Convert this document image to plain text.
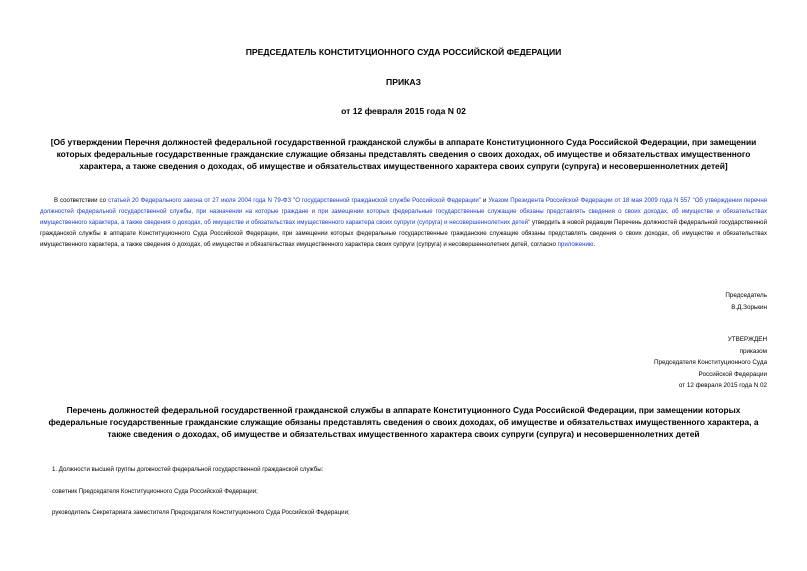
ПРЕДСЕДАТЕЛЬ КОНСТИТУЦИОННОГО СУДА РОССИЙСКОЙ ФЕДЕРАЦИИ
ПРИКАЗ
от 12 февраля 2015 года N 02
[Об утверждении Перечня должностей федеральной государственной гражданской службы в аппарате Конституционного Суда Российской Федерации, при замещении которых федеральные государственные гражданские служащие обязаны представлять сведения о своих доходах, об имуществе и обязательствах имущественного характера, а также сведения о доходах, об имуществе и обязательствах имущественного характера своих супруги (супруга) и несовершеннолетних детей]
В соответствии со статьей 20 Федерального закона от 27 июля 2004 года N 79-ФЗ "О государственной гражданской службе Российской Федерации" и Указом Президента Российской Федерации от 18 мая 2009 года N 557 "Об утверждении перечня должностей федеральной государственной службы, при назначении на которые граждане и при замещении которых федеральные государственные служащие обязаны представлять сведения о своих доходах, об имуществе и обязательствах имущественного характера, а также сведения о доходах, об имуществе и обязательствах имущественного характера своих супруги (супруга) и несовершеннолетних детей" утвердить в новой редакции Перечень должностей федеральной государственной гражданской службы в аппарате Конституционного Суда Российской Федерации, при замещении которых федеральные государственные гражданские служащие обязаны представлять сведения о своих доходах, об имуществе и обязательствах имущественного характера, а также сведения о доходах, об имуществе и обязательствах имущественного характера своих супруги (супруга) и несовершеннолетних детей, согласно приложению.
Председатель
В.Д.Зорькин
УТВЕРЖДЕН
приказом
Председателя Конституционного Суда
Российской Федерации
от 12 февраля 2015 года N 02
Перечень должностей федеральной государственной гражданской службы в аппарате Конституционного Суда Российской Федерации, при замещении которых федеральные государственные гражданские служащие обязаны представлять сведения о своих доходах, об имуществе и обязательствах имущественного характера, а также сведения о доходах, об имуществе и обязательствах имущественного характера своих супруги (супруга) и несовершеннолетних детей
1. Должности высшей группы должностей федеральной государственной гражданской службы:
советник Председателя Конституционного Суда Российской Федерации;
руководитель Секретариата заместителя Председателя Конституционного Суда Российской Федерации;
